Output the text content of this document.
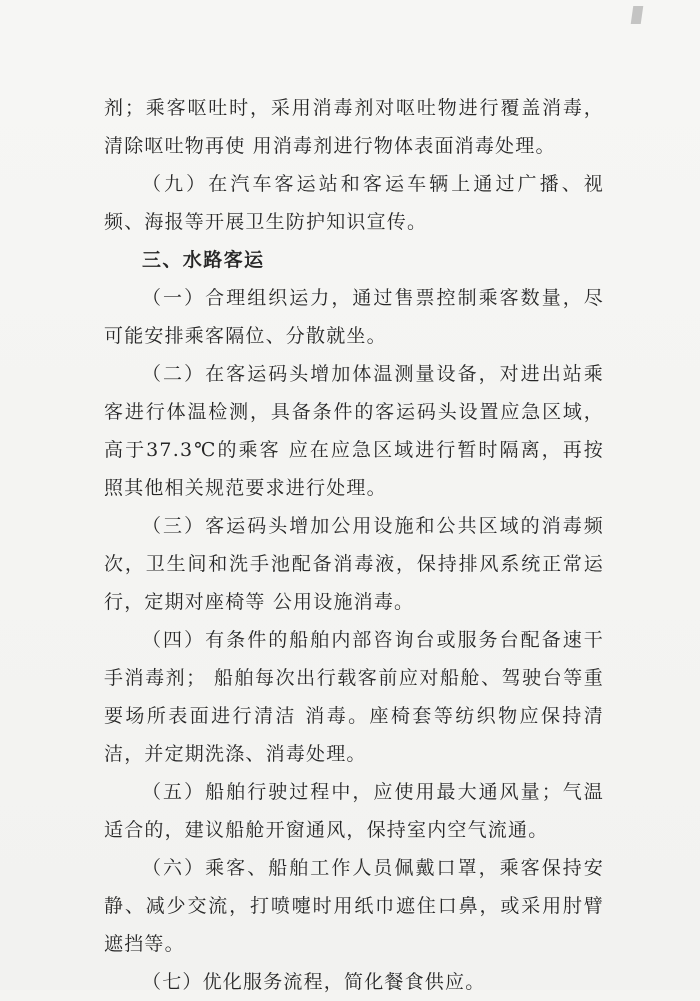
剂；乘客呕吐时，采用消毒剂对呕吐物进行覆盖消毒，清除呕吐物再使 用消毒剂进行物体表面消毒处理。

（九）在汽车客运站和客运车辆上通过广播、视频、海报等开展卫生防护知识宣传。

三、水路客运

（一）合理组织运力，通过售票控制乘客数量，尽可能安排乘客隔位、分散就坐。

（二）在客运码头增加体温测量设备，对进出站乘客进行体温检测，具备条件的客运码头设置应急区域，高于37.3℃的乘客 应在应急区域进行暂时隔离，再按照其他相关规范要求进行处理。

（三）客运码头增加公用设施和公共区域的消毒频次，卫生间和洗手池配备消毒液，保持排风系统正常运行，定期对座椅等 公用设施消毒。

（四）有条件的船舶内部咨询台或服务台配备速干手消毒剂； 船舶每次出行载客前应对船舱、驾驶台等重要场所表面进行清洁 消毒。座椅套等纺织物应保持清洁，并定期洗涤、消毒处理。

（五）船舶行驶过程中，应使用最大通风量；气温适合的，建议船舱开窗通风，保持室内空气流通。

（六）乘客、船舶工作人员佩戴口罩，乘客保持安静、减少交流，打喷嚏时用纸巾遮住口鼻，或采用肘臂遮挡等。

（七）优化服务流程，简化餐食供应。
